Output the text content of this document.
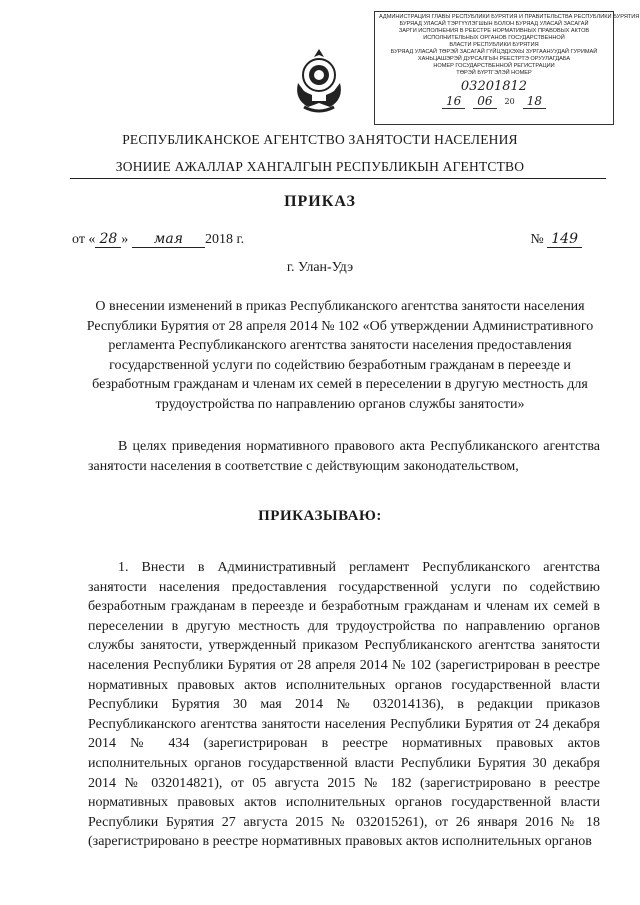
АДМИНИСТРАЦИЯ ГЛАВЫ РЕСПУБЛИКИ БУРЯТИЯ И ПРАВИТЕЛЬСТВА РЕСПУБЛИКИ БУРЯТИЯ
БУРЯАД УЛАСАЙ ТЭРГҮҮЛЭГШЫН БОЛОН БУРЯАД УЛАСАЙ ЗАСАГАЙ
ЗАРГИ ИСПОЛНЕНИЯ В РЕЕСТРЕ НОРМАТИВНЫХ ПРАВОВЫХ АКТОВ
ИСПОЛНИТЕЛЬНЫХ ОРГАНОВ ГОСУДАРСТВЕННОЙ
ВЛАСТИ РЕСПУБЛИКИ БУРЯТИЯ
БУРЯАД УЛАСАЙ ТӨРЭЙ ЗАСАГАЙ ГҮЙЦЭДХЭХЫ ЗУРГААНУУДАЙ ГУРИМАЙ
ХАНЬЦАШЭРЭЙ ДУРСАЛГЫН РЕЕСТРТЭ ОРУУЛАГДАБА
НОМЕР ГОСУДАРСТВЕННОЙ РЕГИСТРАЦИИ
ТӨРЭЙ БҮРТГЭЛЭЙ НОМЕР
03201812
16	06	20	18
РЕСПУБЛИКАНСКОЕ АГЕНТСТВО ЗАНЯТОСТИ НАСЕЛЕНИЯ
ЗОНИИЕ АЖАЛЛАР ХАНГАЛГЫН РЕСПУБЛИКЫН АГЕНТСТВО
ПРИКАЗ
от « 28 » мая 2018 г.	№ 149
г. Улан-Удэ
О внесении изменений в приказ Республиканского агентства занятости населения Республики Бурятия от 28 апреля 2014 № 102 «Об утверждении Административного регламента Республиканского агентства занятости населения предоставления государственной услуги по содействию безработным гражданам в переезде и безработным гражданам и членам их семей в переселении в другую местность для трудоустройства по направлению органов службы занятости»
В целях приведения нормативного правового акта Республиканского агентства занятости населения в соответствие с действующим законодательством,
ПРИКАЗЫВАЮ:

1. Внести в Административный регламент Республиканского агентства занятости населения предоставления государственной услуги по содействию безработным гражданам в переезде и безработным гражданам и членам их семей в переселении в другую местность для трудоустройства по направлению органов службы занятости, утвержденный приказом Республиканского агентства занятости населения Республики Бурятия от 28 апреля 2014 № 102 (зарегистрирован в реестре нормативных правовых актов исполнительных органов государственной власти Республики Бурятия 30 мая 2014 № 032014136), в редакции приказов Республиканского агентства занятости населения Республики Бурятия от 24 декабря 2014 № 434 (зарегистрирован в реестре нормативных правовых актов исполнительных органов государственной власти Республики Бурятия 30 декабря 2014 № 032014821), от 05 августа 2015 № 182 (зарегистрировано в реестре нормативных правовых актов исполнительных органов государственной власти Республики Бурятия 27 августа 2015 № 032015261), от 26 января 2016 № 18 (зарегистрировано в реестре нормативных правовых актов исполнительных органов
